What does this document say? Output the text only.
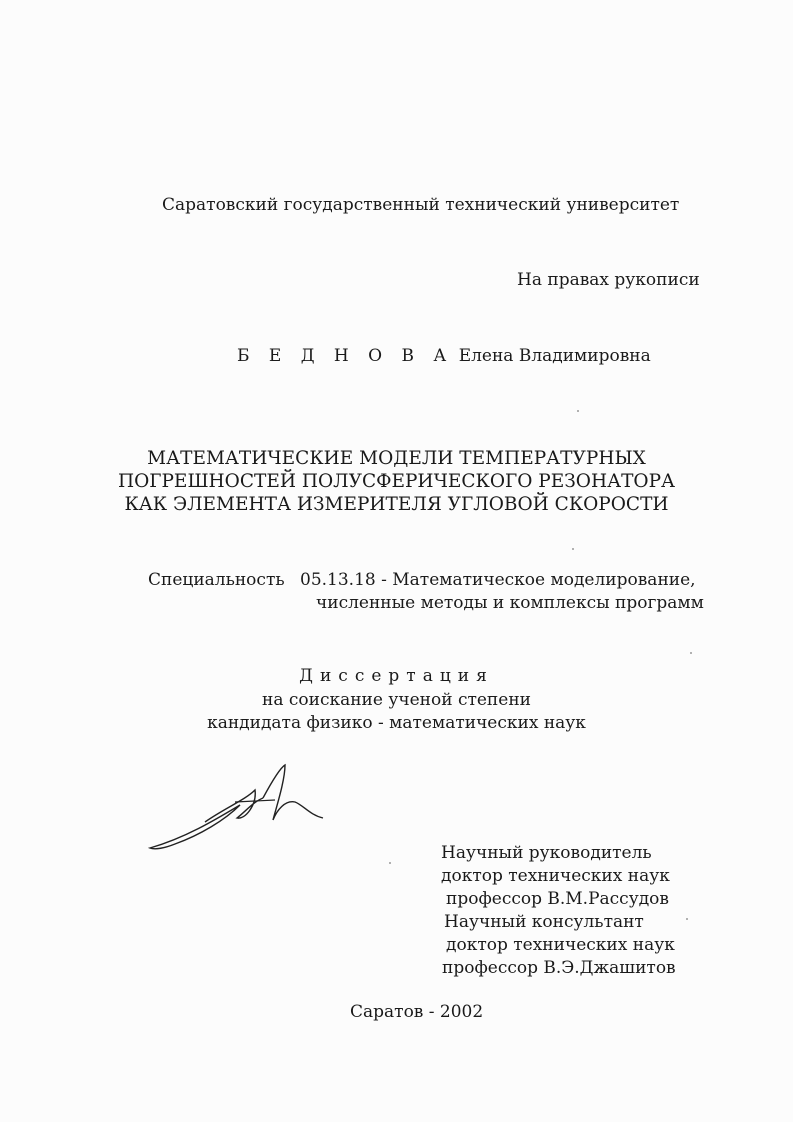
Саратовский государственный технический университет
На правах рукописи
Б Е Д Н О В А Елена Владимировна
МАТЕМАТИЧЕСКИЕ МОДЕЛИ ТЕМПЕРАТУРНЫХ
ПОГРЕШНОСТЕЙ ПОЛУСФЕРИЧЕСКОГО РЕЗОНАТОРА
КАК ЭЛЕМЕНТА ИЗМЕРИТЕЛЯ УГЛОВОЙ СКОРОСТИ
Специальность 05.13.18 - Математическое моделирование,
численные методы и комплексы программ
Диссертация
на соискание ученой степени
кандидата физико - математических наук
Научный руководитель
доктор технических наук
профессор В.М.Рассудов
Научный консультант
доктор технических наук
профессор В.Э.Джашитов
Саратов - 2002
